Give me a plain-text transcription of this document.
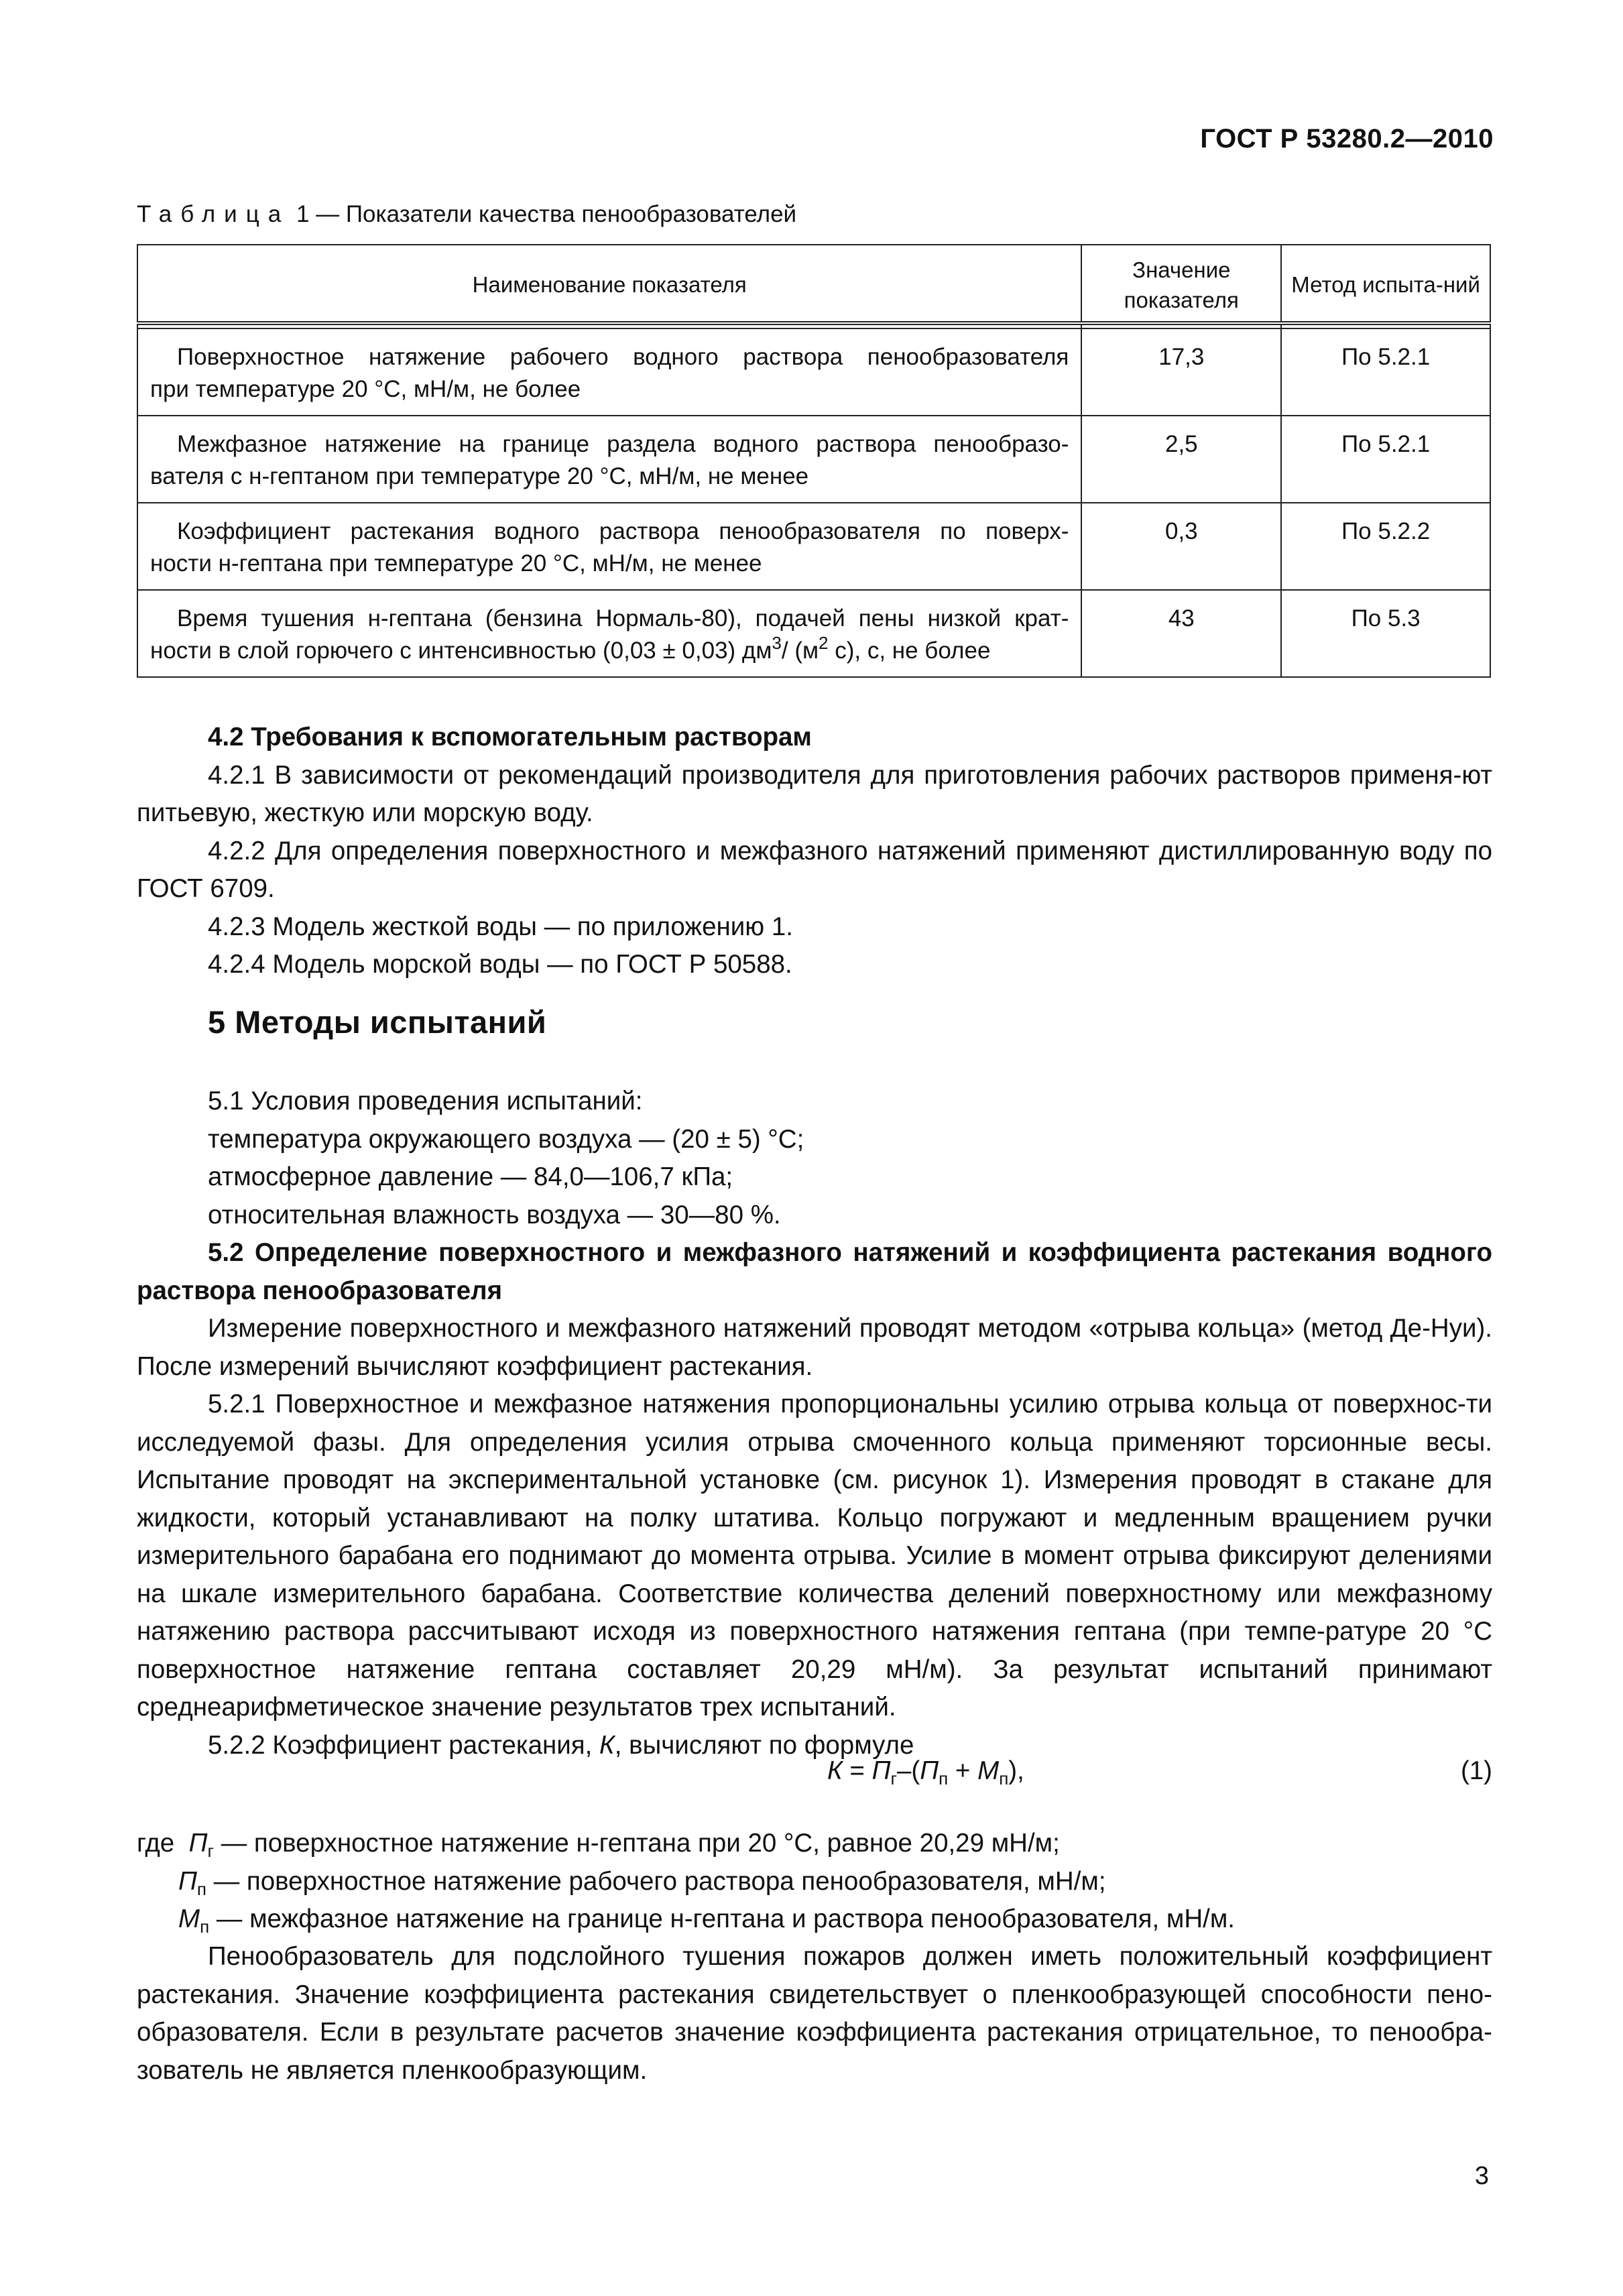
ГОСТ Р 53280.2—2010
Таблица 1 — Показатели качества пенообразователей
Наименование показателя	Значение показателя	Метод испыта-ний

Поверхностное натяжение рабочего водного раствора пенообразователя
при температуре 20 °С, мН/м, не более	17,3	По 5.2.1

Межфазное натяжение на границе раздела водного раствора пенообразо-
вателя с н-гептаном при температуре 20 °С, мН/м, не менее	2,5	По 5.2.1

Коэффициент растекания водного раствора пенообразователя по поверх-
ности н-гептана при температуре 20 °С, мН/м, не менее	0,3	По 5.2.2

Время тушения н-гептана (бензина Нормаль-80), подачей пены низкой крат-
ности в слой горючего с интенсивностью (0,03 ± 0,03) $дм^3/$ ($м^2$ с), с, не более	43	По 5.3

4.2 Требования к вспомогательным растворам

4.2.1 В зависимости от рекомендаций производителя для приготовления рабочих растворов применя-ют питьевую, жесткую или морскую воду.

4.2.2 Для определения поверхностного и межфазного натяжений применяют дистиллированную воду по ГОСТ 6709.

4.2.3 Модель жесткой воды — по приложению 1.

4.2.4 Модель морской воды — по ГОСТ Р 50588.

5 Методы испытаний

5.1 Условия проведения испытаний:

температура окружающего воздуха — (20 ± 5) °С;

атмосферное давление — 84,0—106,7 кПа;

относительная влажность воздуха — 30—80 %.

5.2 Определение поверхностного и межфазного натяжений и коэффициента растекания водного раствора пенообразователя

Измерение поверхностного и межфазного натяжений проводят методом «отрыва кольца» (метод Де-Нуи). После измерений вычисляют коэффициент растекания.

5.2.1 Поверхностное и межфазное натяжения пропорциональны усилию отрыва кольца от поверхнос-ти исследуемой фазы. Для определения усилия отрыва смоченного кольца применяют торсионные весы. Испытание проводят на экспериментальной установке (см. рисунок 1). Измерения проводят в стакане для жидкости, который устанавливают на полку штатива. Кольцо погружают и медленным вращением ручки измерительного барабана его поднимают до момента отрыва. Усилие в момент отрыва фиксируют делениями на шкале измерительного барабана. Соответствие количества делений поверхностному или межфазному натяжению раствора рассчитывают исходя из поверхностного натяжения гептана (при темпе-ратуре 20 °С поверхностное натяжение гептана составляет 20,29 мН/м). За результат испытаний принимают среднеарифметическое значение результатов трех испытаний.

5.2.2 Коэффициент растекания, К, вычисляют по формуле

$К = П_г-(П_п + М_п)$,	(1)

где $П_г$ — поверхностное натяжение н-гептана при 20 °С, равное 20,29 мН/м;

$П_п$ — поверхностное натяжение рабочего раствора пенообразователя, мН/м;

$М_п$ — межфазное натяжение на границе н-гептана и раствора пенообразователя, мН/м.

Пенообразователь для подслойного тушения пожаров должен иметь положительный коэффициент растекания. Значение коэффициента растекания свидетельствует о пленкообразующей способности пено-образователя. Если в результате расчетов значение коэффициента растекания отрицательное, то пенообра-зователь не является пленкообразующим.

3
